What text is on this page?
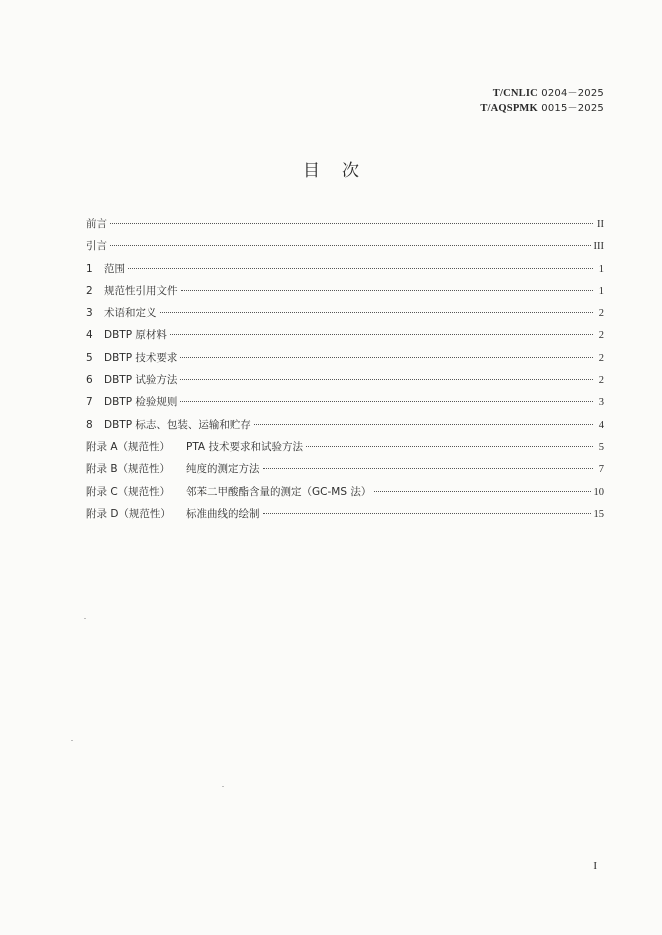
T/CNLIC 0204－2025
T/AQSPMK 0015－2025
目次
前言	II
引言	III
1	范围	1
2	规范性引用文件	1
3	术语和定义	2
4	DBTP 原材料	2
5	DBTP 技术要求	2
6	DBTP 试验方法	2
7	DBTP 检验规则	3
8	DBTP 标志、包装、运输和贮存	4
附录 A（规范性）	PTA 技术要求和试验方法	5
附录 B（规范性）	纯度的测定方法	7
附录 C（规范性）	邻苯二甲酸酯含量的测定（GC-MS 法）	10
附录 D（规范性）	标准曲线的绘制	15
I
